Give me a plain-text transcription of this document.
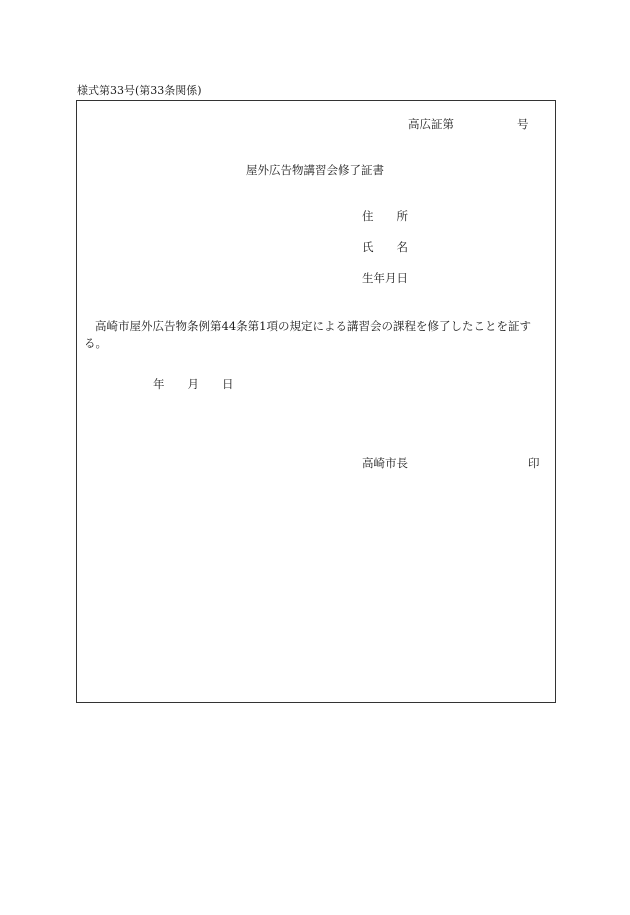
様式第33号(第33条関係)
高広証第	号
屋外広告物講習会修了証書
住　　所
氏　　名
生年月日
高崎市屋外広告物条例第44条第1項の規定による講習会の課程を修了したことを証する。
年　　月　　日
高崎市長	印
